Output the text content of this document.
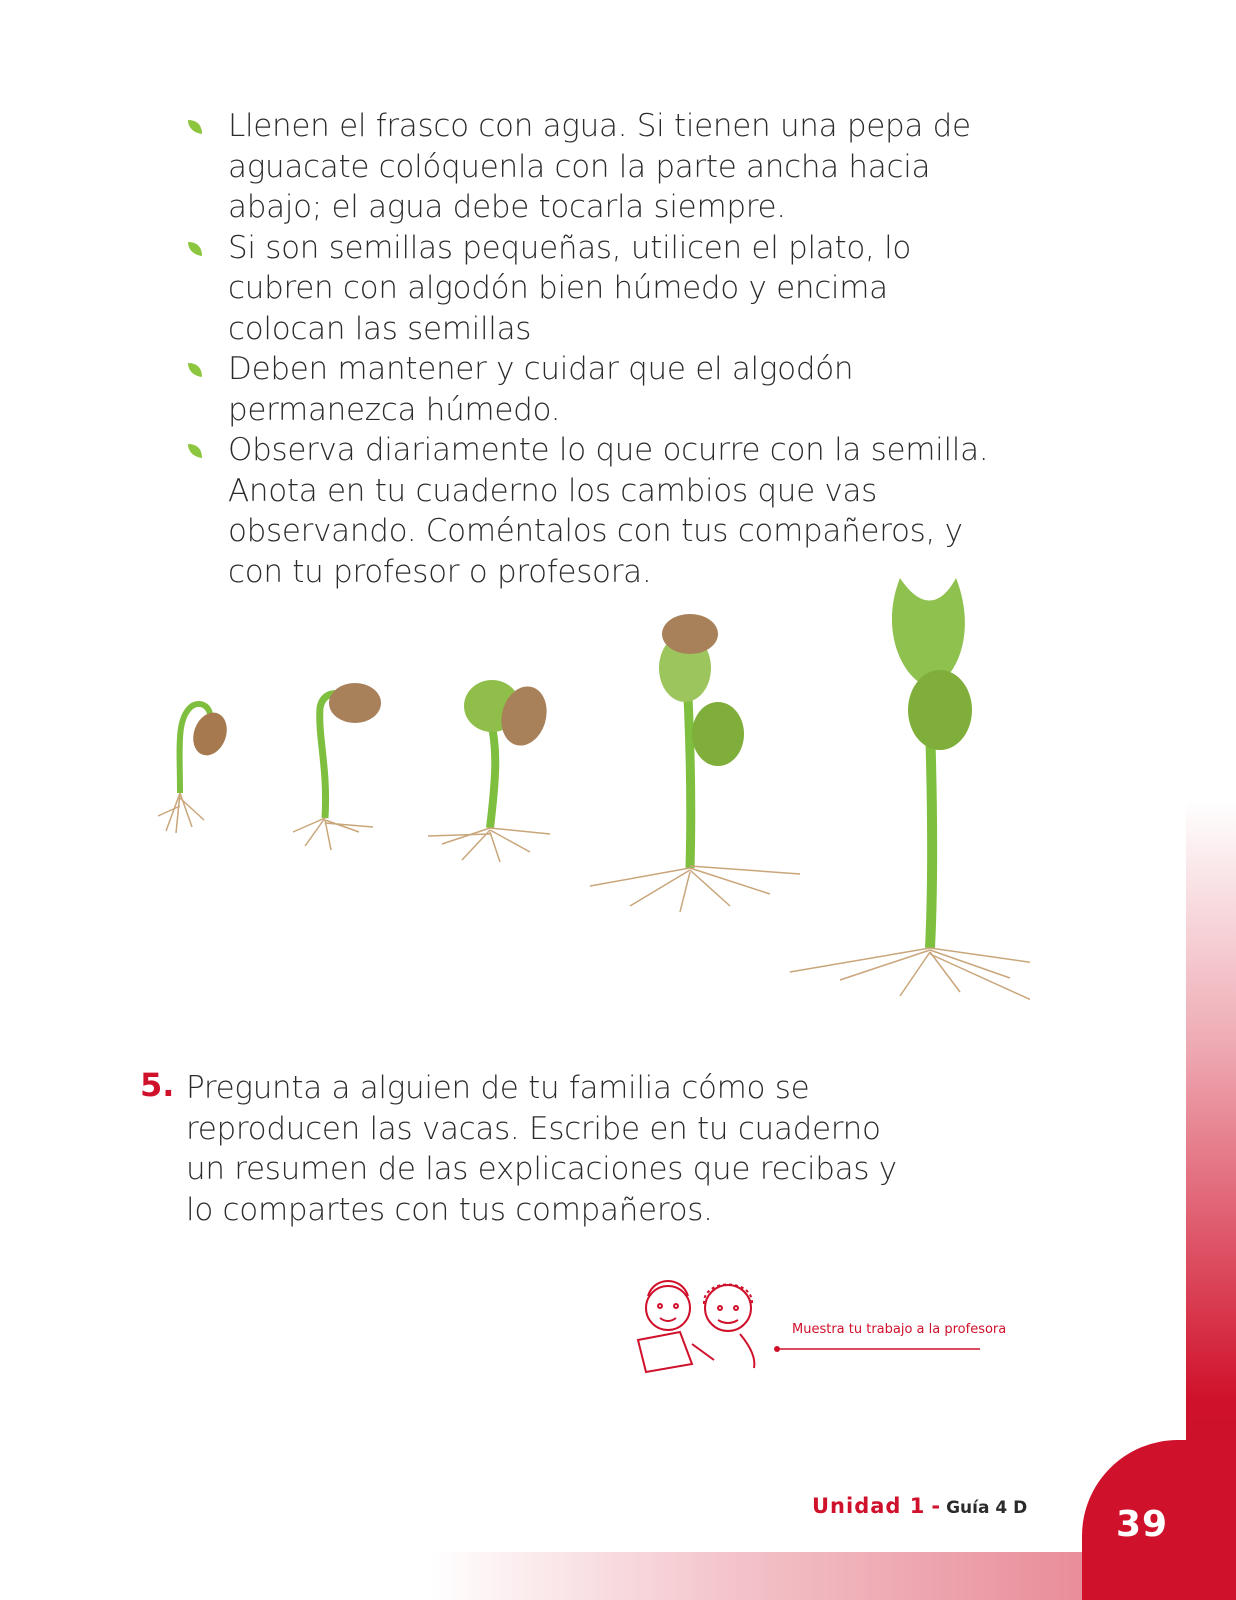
Llenen el frasco con agua. Si tienen una pepa de aguacate colóquenla con la parte ancha hacia abajo; el agua debe tocarla siempre.
Si son semillas pequeñas, utilicen el plato, lo cubren con algodón bien húmedo y encima colocan las semillas
Deben mantener y cuidar que el algodón permanezca húmedo.
Observa diariamente lo que ocurre con la semilla. Anota en tu cuaderno los cambios que vas observando. Coméntalos con tus compañeros, y con tu profesor o profesora.
5. Pregunta a alguien de tu familia cómo se reproducen las vacas. Escribe en tu cuaderno un resumen de las explicaciones que recibas y lo compartes con tus compañeros.

Muestra tu trabajo a la profesora
39
Unidad 1 - Guía 4 D
